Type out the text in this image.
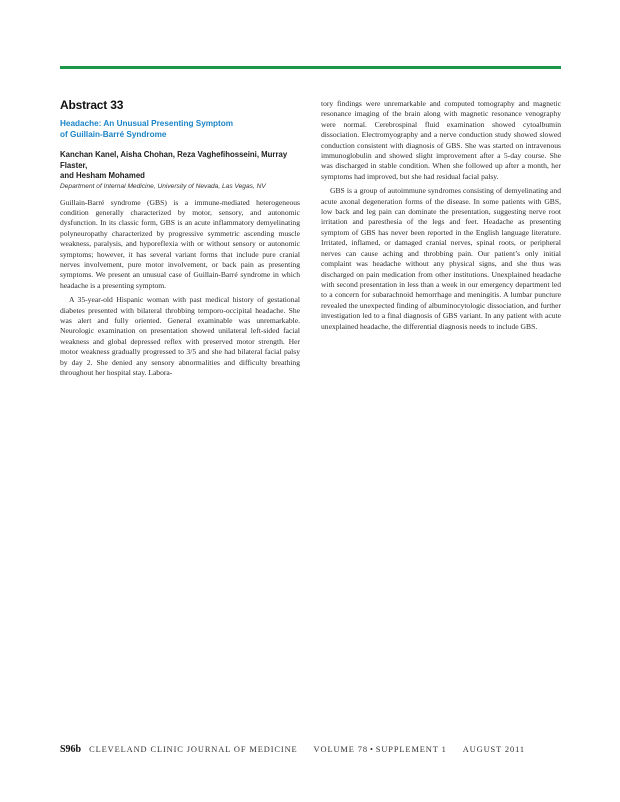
Abstract 33
Headache: An Unusual Presenting Symptom
of Guillain-Barré Syndrome
Kanchan Kanel, Aisha Chohan, Reza Vaghefihosseini, Murray Flaster,
and Hesham Mohamed
Department of Internal Medicine, University of Nevada, Las Vegas, NV

Guillain-Barré syndrome (GBS) is a immune-mediated heterogeneous condition generally characterized by motor, sensory, and autonomic dysfunction. In its classic form, GBS is an acute inflammatory demyelinating polyneuropathy characterized by progressive symmetric ascending muscle weakness, paralysis, and hyporeflexia with or without sensory or autonomic symptoms; however, it has several variant forms that include pure cranial nerves involvement, pure motor involvement, or back pain as presenting symptoms. We present an unusual case of Guillain-Barré syndrome in which headache is a presenting symptom.

A 35-year-old Hispanic woman with past medical history of gestational diabetes presented with bilateral throbbing temporo-occipital headache. She was alert and fully oriented. General examinable was unremarkable. Neurologic examination on presentation showed unilateral left-sided facial weakness and global depressed reflex with preserved motor strength. Her motor weakness gradually progressed to 3/5 and she had bilateral facial palsy by day 2. She denied any sensory abnormalities and difficulty breathing throughout her hospital stay. Labora-

tory findings were unremarkable and computed tomography and magnetic resonance imaging of the brain along with magnetic resonance venography were normal. Cerebrospinal fluid examination showed cytoalbumin dissociation. Electromyography and a nerve conduction study showed slowed conduction consistent with diagnosis of GBS. She was started on intravenous immunoglobulin and showed slight improvement after a 5-day course. She was discharged in stable condition. When she followed up after a month, her symptoms had improved, but she had residual facial palsy.

GBS is a group of autoimmune syndromes consisting of demyelinating and acute axonal degeneration forms of the disease. In some patients with GBS, low back and leg pain can dominate the presentation, suggesting nerve root irritation and paresthesia of the legs and feet. Headache as presenting symptom of GBS has never been reported in the English language literature. Irritated, inflamed, or damaged cranial nerves, spinal roots, or peripheral nerves can cause aching and throbbing pain. Our patient’s only initial complaint was headache without any physical signs, and she thus was discharged on pain medication from other institutions. Unexplained headache with second presentation in less than a week in our emergency department led to a concern for subarachnoid hemorrhage and meningitis. A lumbar puncture revealed the unexpected finding of albuminocytologic dissociation, and further investigation led to a final diagnosis of GBS variant. In any patient with acute unexplained headache, the differential diagnosis needs to include GBS.

S96b CLEVELAND CLINIC JOURNAL OF MEDICINE VOLUME 78 • SUPPLEMENT 1 AUGUST 2011
